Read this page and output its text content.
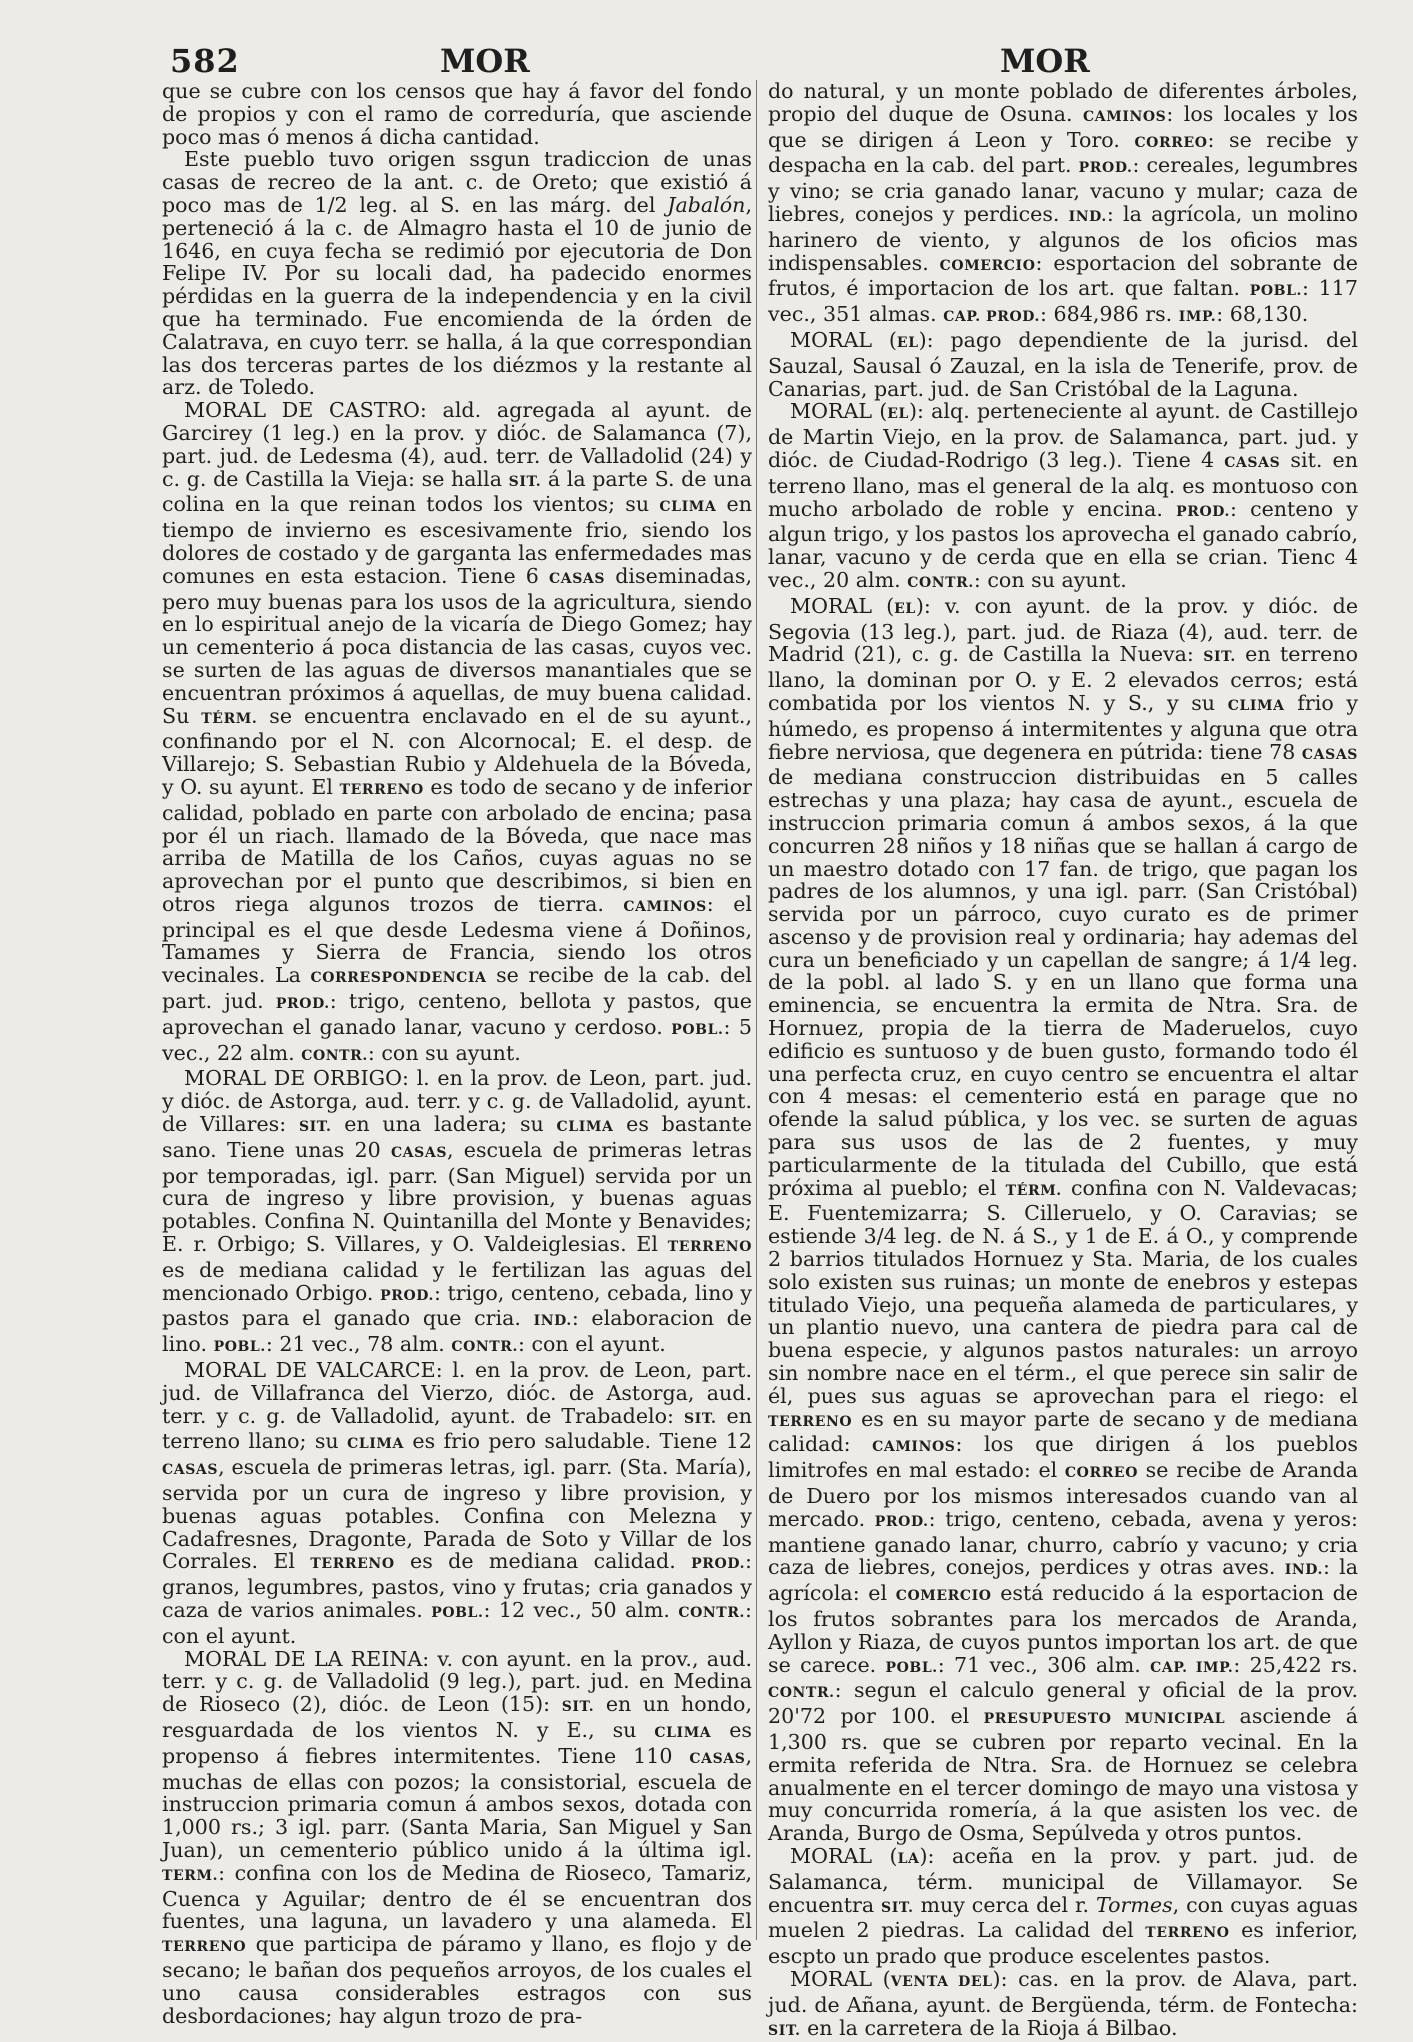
582	MOR	MOR

que se cubre con los censos que hay á favor del fondo de propios y con el ramo de correduría, que asciende poco mas ó menos á dicha cantidad.

Este pueblo tuvo origen ssgun tradiccion de unas casas de recreo de la ant. c. de Oreto; que existió á poco mas de 1/2 leg. al S. en las márg. del Jabalón, perteneció á la c. de Almagro hasta el 10 de junio de 1646, en cuya fecha se redimió por ejecutoria de Don Felipe IV. Por su locali dad, ha padecido enormes pérdidas en la guerra de la independencia y en la civil que ha terminado. Fue encomienda de la órden de Calatrava, en cuyo terr. se halla, á la que correspondian las dos terceras partes de los diézmos y la restante al arz. de Toledo.

MORAL DE CASTRO: ald. agregada al ayunt. de Garcirey (1 leg.) en la prov. y dióc. de Salamanca (7), part. jud. de Ledesma (4), aud. terr. de Valladolid (24) y c. g. de Castilla la Vieja: se halla SIT. á la parte S. de una colina en la que reinan todos los vientos; su CLIMA en tiempo de invierno es escesivamente frio, siendo los dolores de costado y de garganta las enfermedades mas comunes en esta estacion. Tiene 6 CASAS diseminadas, pero muy buenas para los usos de la agricultura, siendo en lo espiritual anejo de la vicaría de Diego Gomez; hay un cementerio á poca distancia de las casas, cuyos vec. se surten de las aguas de diversos manantiales que se encuentran próximos á aquellas, de muy buena calidad. Su TÉRM. se encuentra enclavado en el de su ayunt., confinando por el N. con Alcornocal; E. el desp. de Villarejo; S. Sebastian Rubio y Aldehuela de la Bóveda, y O. su ayunt. El TERRENO es todo de secano y de inferior calidad, poblado en parte con arbolado de encina; pasa por él un riach. llamado de la Bóveda, que nace mas arriba de Matilla de los Caños, cuyas aguas no se aprovechan por el punto que describimos, si bien en otros riega algunos trozos de tierra. CAMINOS: el principal es el que desde Ledesma viene á Doñinos, Tamames y Sierra de Francia, siendo los otros vecinales. La CORRESPONDENCIA se recibe de la cab. del part. jud. PROD.: trigo, centeno, bellota y pastos, que aprovechan el ganado lanar, vacuno y cerdoso. POBL.: 5 vec., 22 alm. CONTR.: con su ayunt.

MORAL DE ORBIGO: l. en la prov. de Leon, part. jud. y dióc. de Astorga, aud. terr. y c. g. de Valladolid, ayunt. de Villares: SIT. en una ladera; su CLIMA es bastante sano. Tiene unas 20 CASAS, escuela de primeras letras por temporadas, igl. parr. (San Miguel) servida por un cura de ingreso y libre provision, y buenas aguas potables. Confina N. Quintanilla del Monte y Benavides; E. r. Orbigo; S. Villares, y O. Valdeiglesias. El TERRENO es de mediana calidad y le fertilizan las aguas del mencionado Orbigo. PROD.: trigo, centeno, cebada, lino y pastos para el ganado que cria. IND.: elaboracion de lino. POBL.: 21 vec., 78 alm. CONTR.: con el ayunt.

MORAL DE VALCARCE: l. en la prov. de Leon, part. jud. de Villafranca del Vierzo, dióc. de Astorga, aud. terr. y c. g. de Valladolid, ayunt. de Trabadelo: SIT. en terreno llano; su CLIMA es frio pero saludable. Tiene 12 CASAS, escuela de primeras letras, igl. parr. (Sta. María), servida por un cura de ingreso y libre provision, y buenas aguas potables. Confina con Melezna y Cadafresnes, Dragonte, Parada de Soto y Villar de los Corrales. El TERRENO es de mediana calidad. PROD.: granos, legumbres, pastos, vino y frutas; cria ganados y caza de varios animales. POBL.: 12 vec., 50 alm. CONTR.: con el ayunt.

MORAL DE LA REINA: v. con ayunt. en la prov., aud. terr. y c. g. de Valladolid (9 leg.), part. jud. en Medina de Rioseco (2), dióc. de Leon (15): SIT. en un hondo, resguardada de los vientos N. y E., su CLIMA es propenso á fiebres intermitentes. Tiene 110 CASAS, muchas de ellas con pozos; la consistorial, escuela de instruccion primaria comun á ambos sexos, dotada con 1,000 rs.; 3 igl. parr. (Santa Maria, San Miguel y San Juan), un cementerio público unido á la última igl. TERM.: confina con los de Medina de Rioseco, Tamariz, Cuenca y Aguilar; dentro de él se encuentran dos fuentes, una laguna, un lavadero y una alameda. El TERRENO que participa de páramo y llano, es flojo y de secano; le bañan dos pequeños arroyos, de los cuales el uno causa considerables estragos con sus desbordaciones; hay algun trozo de pra-

do natural, y un monte poblado de diferentes árboles, propio del duque de Osuna. CAMINOS: los locales y los que se dirigen á Leon y Toro. CORREO: se recibe y despacha en la cab. del part. PROD.: cereales, legumbres y vino; se cria ganado lanar, vacuno y mular; caza de liebres, conejos y perdices. IND.: la agrícola, un molino harinero de viento, y algunos de los oficios mas indispensables. COMERCIO: esportacion del sobrante de frutos, é importacion de los art. que faltan. POBL.: 117 vec., 351 almas. CAP. PROD.: 684,986 rs. IMP.: 68,130.

MORAL (EL): pago dependiente de la jurisd. del Sauzal, Sausal ó Zauzal, en la isla de Tenerife, prov. de Canarias, part. jud. de San Cristóbal de la Laguna.

MORAL (EL): alq. perteneciente al ayunt. de Castillejo de Martin Viejo, en la prov. de Salamanca, part. jud. y dióc. de Ciudad-Rodrigo (3 leg.). Tiene 4 CASAS sit. en terreno llano, mas el general de la alq. es montuoso con mucho arbolado de roble y encina. PROD.: centeno y algun trigo, y los pastos los aprovecha el ganado cabrío, lanar, vacuno y de cerda que en ella se crian. Tienc 4 vec., 20 alm. CONTR.: con su ayunt.

MORAL (EL): v. con ayunt. de la prov. y dióc. de Segovia (13 leg.), part. jud. de Riaza (4), aud. terr. de Madrid (21), c. g. de Castilla la Nueva: SIT. en terreno llano, la dominan por O. y E. 2 elevados cerros; está combatida por los vientos N. y S., y su CLIMA frio y húmedo, es propenso á intermitentes y alguna que otra fiebre nerviosa, que degenera en pútrida: tiene 78 CASAS de mediana construccion distribuidas en 5 calles estrechas y una plaza; hay casa de ayunt., escuela de instruccion primaria comun á ambos sexos, á la que concurren 28 niños y 18 niñas que se hallan á cargo de un maestro dotado con 17 fan. de trigo, que pagan los padres de los alumnos, y una igl. parr. (San Cristóbal) servida por un párroco, cuyo curato es de primer ascenso y de provision real y ordinaria; hay ademas del cura un beneficiado y un capellan de sangre; á 1/4 leg. de la pobl. al lado S. y en un llano que forma una eminencia, se encuentra la ermita de Ntra. Sra. de Hornuez, propia de la tierra de Maderuelos, cuyo edificio es suntuoso y de buen gusto, formando todo él una perfecta cruz, en cuyo centro se encuentra el altar con 4 mesas: el cementerio está en parage que no ofende la salud pública, y los vec. se surten de aguas para sus usos de las de 2 fuentes, y muy particularmente de la titulada del Cubillo, que está próxima al pueblo; el TÉRM. confina con N. Valdevacas; E. Fuentemizarra; S. Cilleruelo, y O. Caravias; se estiende 3/4 leg. de N. á S., y 1 de E. á O., y comprende 2 barrios titulados Hornuez y Sta. Maria, de los cuales solo existen sus ruinas; un monte de enebros y estepas titulado Viejo, una pequeña alameda de particulares, y un plantio nuevo, una cantera de piedra para cal de buena especie, y algunos pastos naturales: un arroyo sin nombre nace en el térm., el que perece sin salir de él, pues sus aguas se aprovechan para el riego: el TERRENO es en su mayor parte de secano y de mediana calidad: CAMINOS: los que dirigen á los pueblos limitrofes en mal estado: el CORREO se recibe de Aranda de Duero por los mismos interesados cuando van al mercado. PROD.: trigo, centeno, cebada, avena y yeros: mantiene ganado lanar, churro, cabrío y vacuno; y cria caza de liebres, conejos, perdices y otras aves. IND.: la agrícola: el COMERCIO está reducido á la esportacion de los frutos sobrantes para los mercados de Aranda, Ayllon y Riaza, de cuyos puntos importan los art. de que se carece. POBL.: 71 vec., 306 alm. CAP. IMP.: 25,422 rs. CONTR.: segun el calculo general y oficial de la prov. 20'72 por 100. el PRESUPUESTO MUNICIPAL asciende á 1,300 rs. que se cubren por reparto vecinal. En la ermita referida de Ntra. Sra. de Hornuez se celebra anualmente en el tercer domingo de mayo una vistosa y muy concurrida romería, á la que asisten los vec. de Aranda, Burgo de Osma, Sepúlveda y otros puntos.

MORAL (LA): aceña en la prov. y part. jud. de Salamanca, térm. municipal de Villamayor. Se encuentra SIT. muy cerca del r. Tormes, con cuyas aguas muelen 2 piedras. La calidad del TERRENO es inferior, escpto un prado que produce escelentes pastos.

MORAL (VENTA DEL): cas. en la prov. de Alava, part. jud. de Añana, ayunt. de Bergüenda, térm. de Fontecha: SIT. en la carretera de la Rioja á Bilbao.
